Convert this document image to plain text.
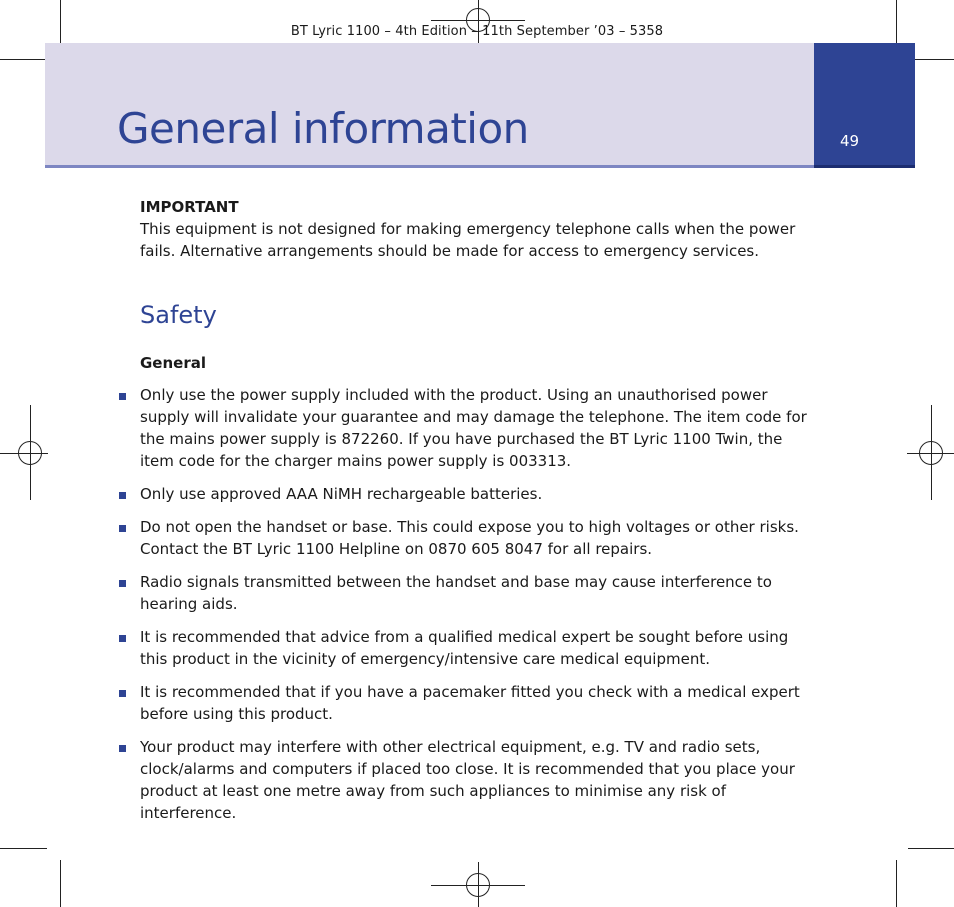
BT Lyric 1100 – 4th Edition – 11th September ’03 – 5358
49
General information

IMPORTANT

This equipment is not designed for making emergency telephone calls when the power fails. Alternative arrangements should be made for access to emergency services.

Safety

General

Only use the power supply included with the product. Using an unauthorised power supply will invalidate your guarantee and may damage the telephone. The item code for the mains power supply is 872260. If you have purchased the BT Lyric 1100 Twin, the item code for the charger mains power supply is 003313.
Only use approved AAA NiMH rechargeable batteries.
Do not open the handset or base. This could expose you to high voltages or other risks. Contact the BT Lyric 1100 Helpline on 0870 605 8047 for all repairs.
Radio signals transmitted between the handset and base may cause interference to hearing aids.
It is recommended that advice from a qualified medical expert be sought before using this product in the vicinity of emergency/intensive care medical equipment.
It is recommended that if you have a pacemaker fitted you check with a medical expert before using this product.
Your product may interfere with other electrical equipment, e.g. TV and radio sets, clock/alarms and computers if placed too close. It is recommended that you place your product at least one metre away from such appliances to minimise any risk of interference.
